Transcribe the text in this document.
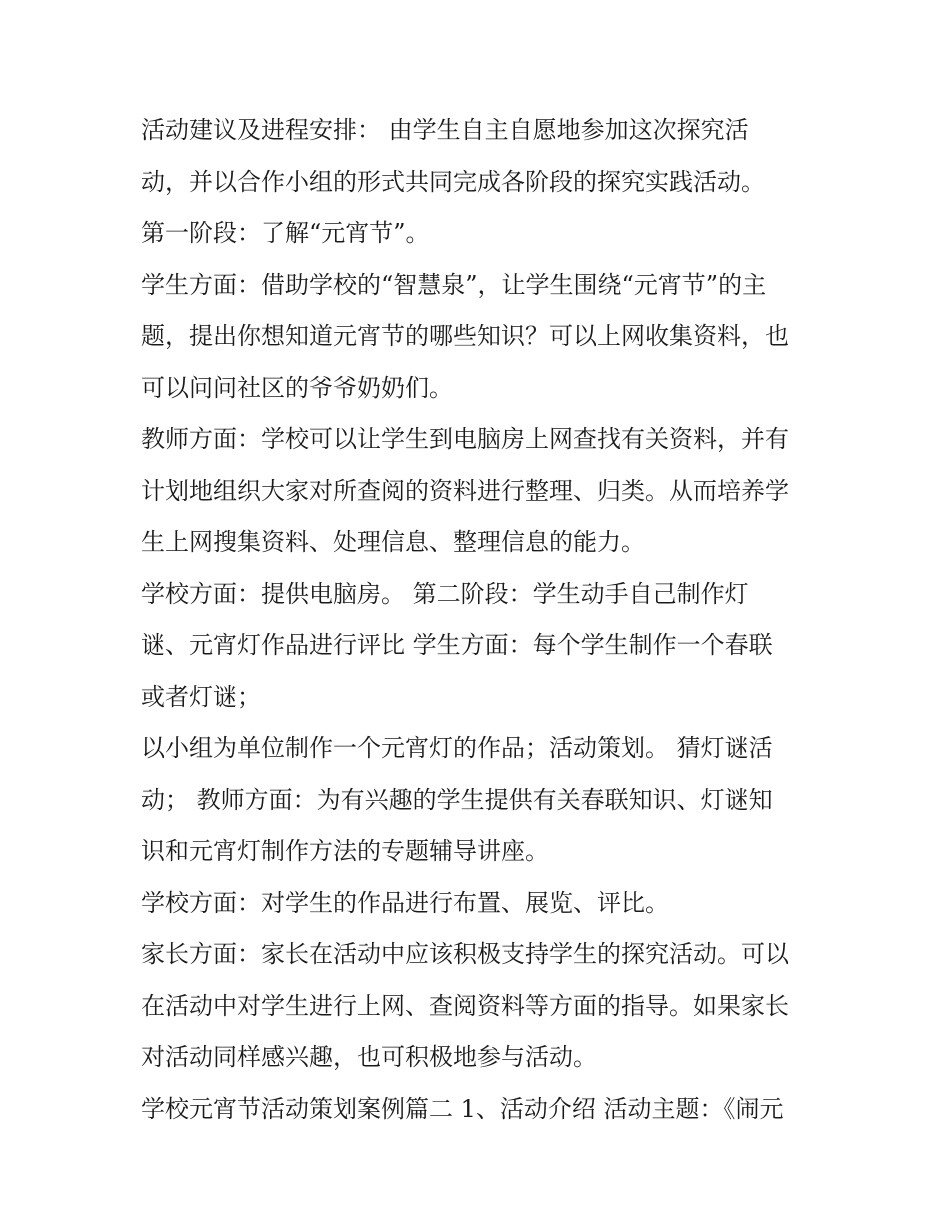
活动建议及进程安排： 由学生自主自愿地参加这次探究活
动，并以合作小组的形式共同完成各阶段的探究实践活动。
第一阶段：了解“元宵节”。
学生方面：借助学校的“智慧泉”，让学生围绕“元宵节”的主
题，提出你想知道元宵节的哪些知识？可以上网收集资料，也
可以问问社区的爷爷奶奶们。
教师方面：学校可以让学生到电脑房上网查找有关资料，并有
计划地组织大家对所查阅的资料进行整理、归类。从而培养学
生上网搜集资料、处理信息、整理信息的能力。
学校方面：提供电脑房。 第二阶段：学生动手自己制作灯
谜、元宵灯作品进行评比 学生方面：每个学生制作一个春联
或者灯谜；
以小组为单位制作一个元宵灯的作品；活动策划。 猜灯谜活
动； 教师方面：为有兴趣的学生提供有关春联知识、灯谜知
识和元宵灯制作方法的专题辅导讲座。
学校方面：对学生的作品进行布置、展览、评比。
家长方面：家长在活动中应该积极支持学生的探究活动。可以
在活动中对学生进行上网、查阅资料等方面的指导。如果家长
对活动同样感兴趣，也可积极地参与活动。
学校元宵节活动策划案例篇二 1、活动介绍 活动主题：《闹元
